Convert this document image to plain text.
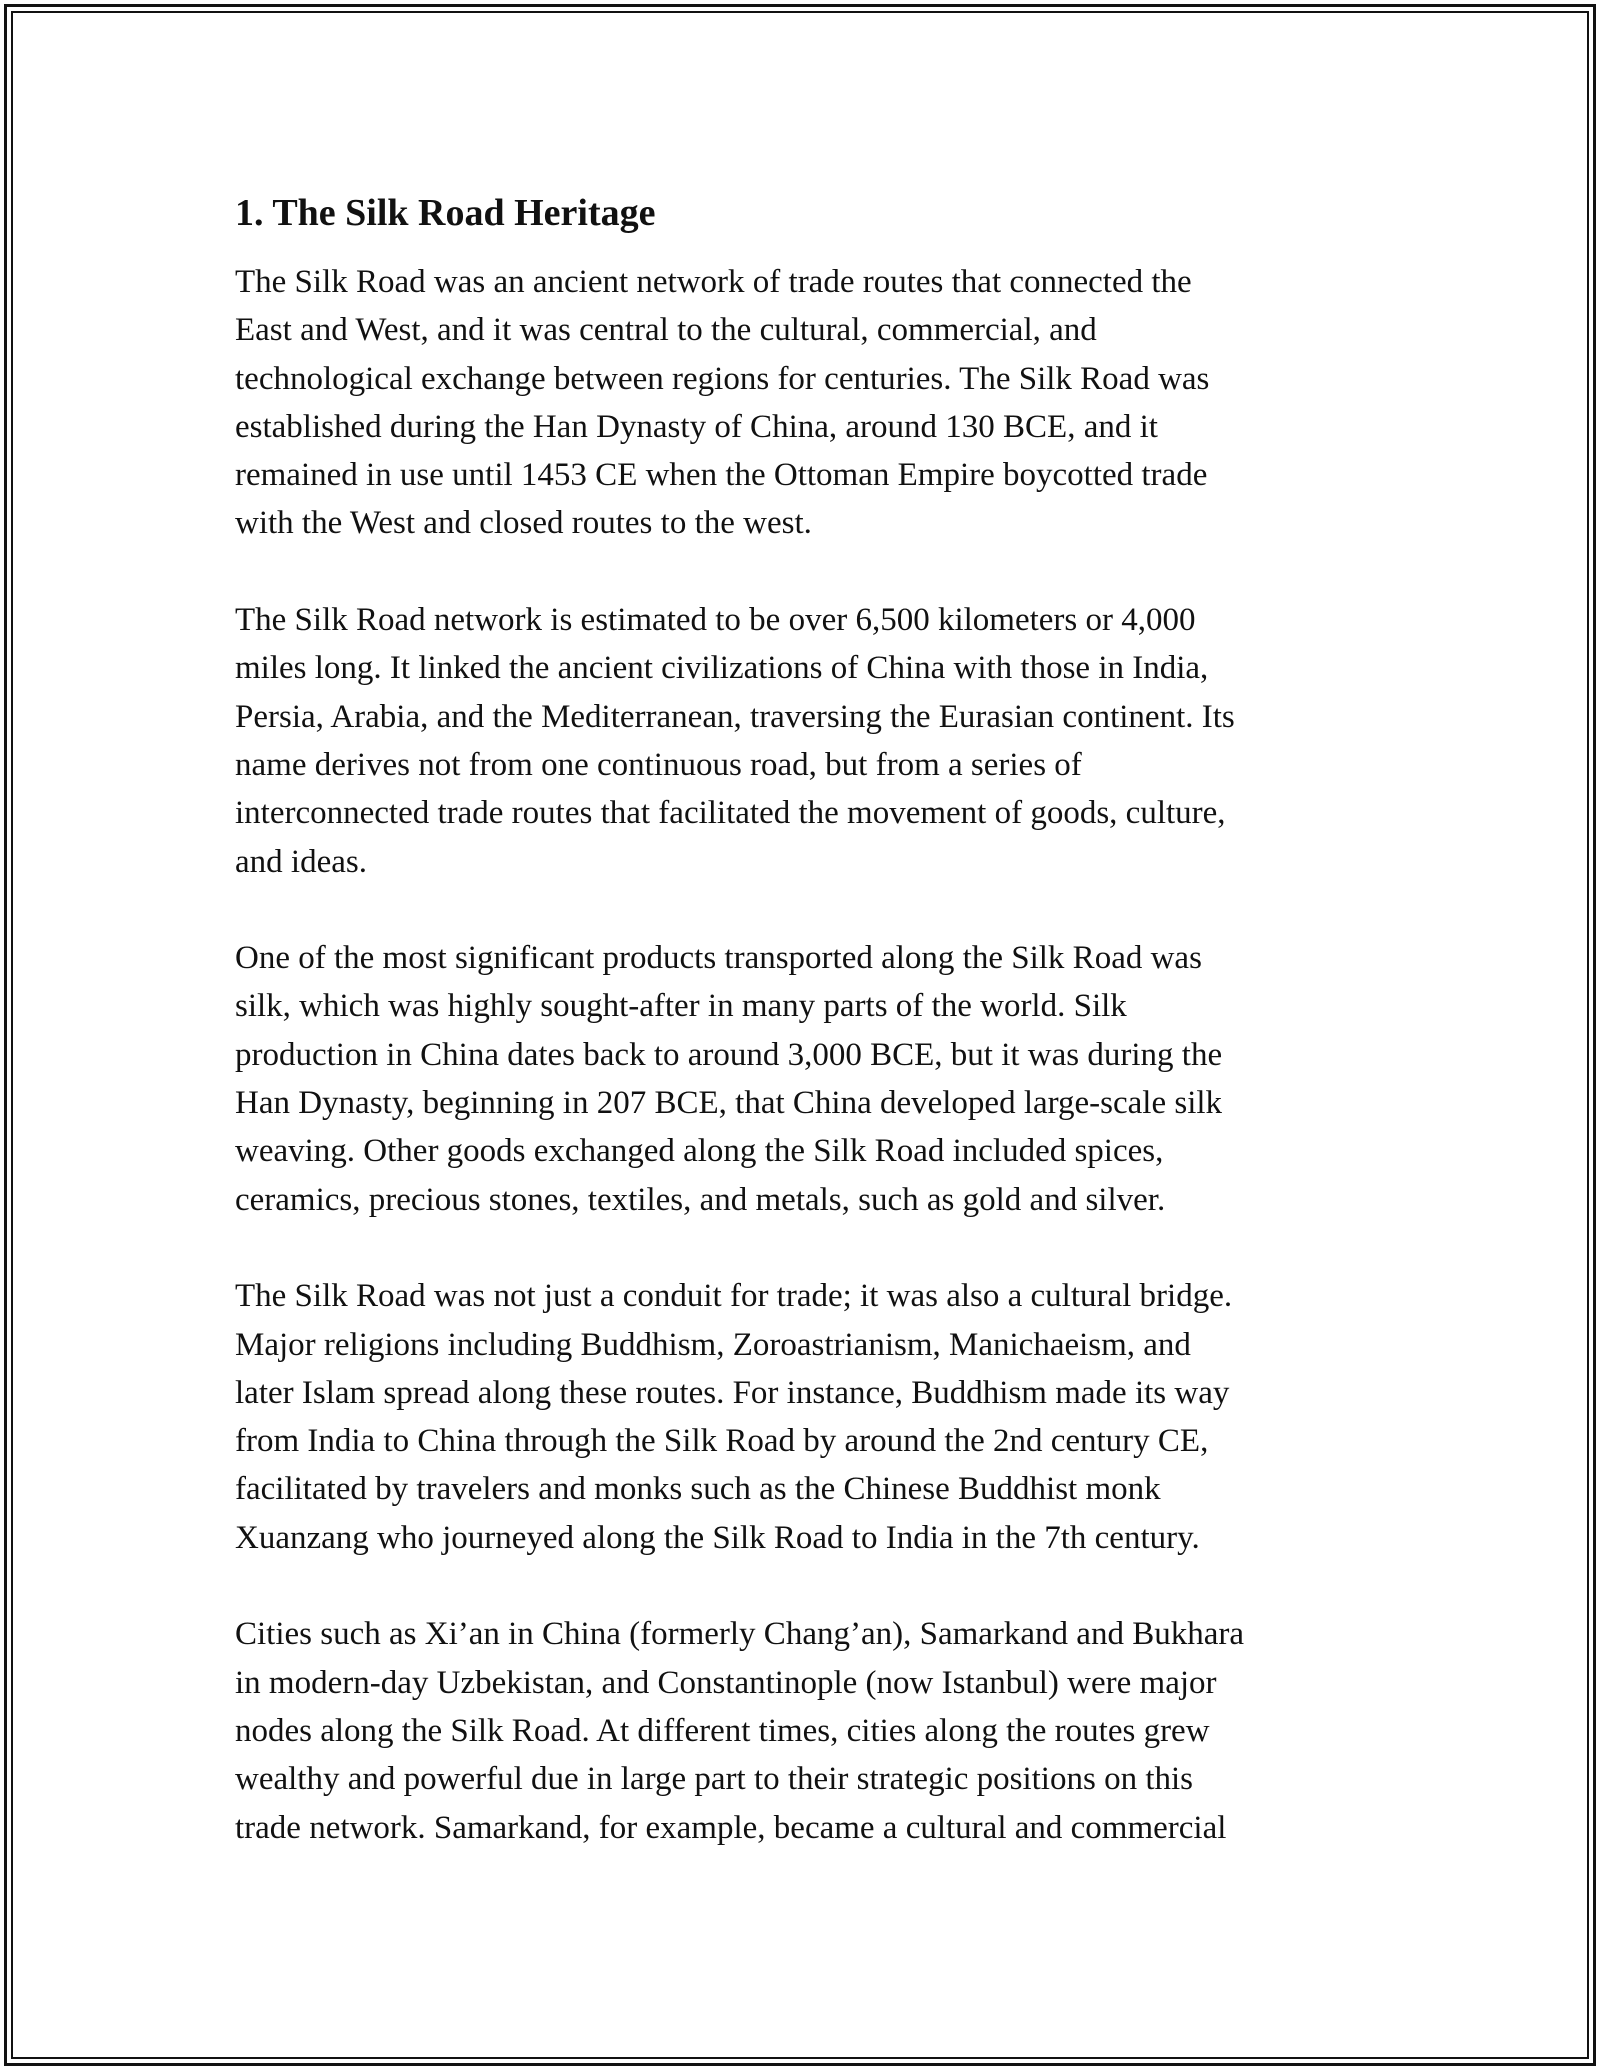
1. The Silk Road Heritage

The Silk Road was an ancient network of trade routes that connected the
East and West, and it was central to the cultural, commercial, and
technological exchange between regions for centuries. The Silk Road was
established during the Han Dynasty of China, around 130 BCE, and it
remained in use until 1453 CE when the Ottoman Empire boycotted trade
with the West and closed routes to the west.

The Silk Road network is estimated to be over 6,500 kilometers or 4,000
miles long. It linked the ancient civilizations of China with those in India,
Persia, Arabia, and the Mediterranean, traversing the Eurasian continent. Its
name derives not from one continuous road, but from a series of
interconnected trade routes that facilitated the movement of goods, culture,
and ideas.

One of the most significant products transported along the Silk Road was
silk, which was highly sought-after in many parts of the world. Silk
production in China dates back to around 3,000 BCE, but it was during the
Han Dynasty, beginning in 207 BCE, that China developed large-scale silk
weaving. Other goods exchanged along the Silk Road included spices,
ceramics, precious stones, textiles, and metals, such as gold and silver.

The Silk Road was not just a conduit for trade; it was also a cultural bridge.
Major religions including Buddhism, Zoroastrianism, Manichaeism, and
later Islam spread along these routes. For instance, Buddhism made its way
from India to China through the Silk Road by around the 2nd century CE,
facilitated by travelers and monks such as the Chinese Buddhist monk
Xuanzang who journeyed along the Silk Road to India in the 7th century.

Cities such as Xi’an in China (formerly Chang’an), Samarkand and Bukhara
in modern-day Uzbekistan, and Constantinople (now Istanbul) were major
nodes along the Silk Road. At different times, cities along the routes grew
wealthy and powerful due in large part to their strategic positions on this
trade network. Samarkand, for example, became a cultural and commercial
